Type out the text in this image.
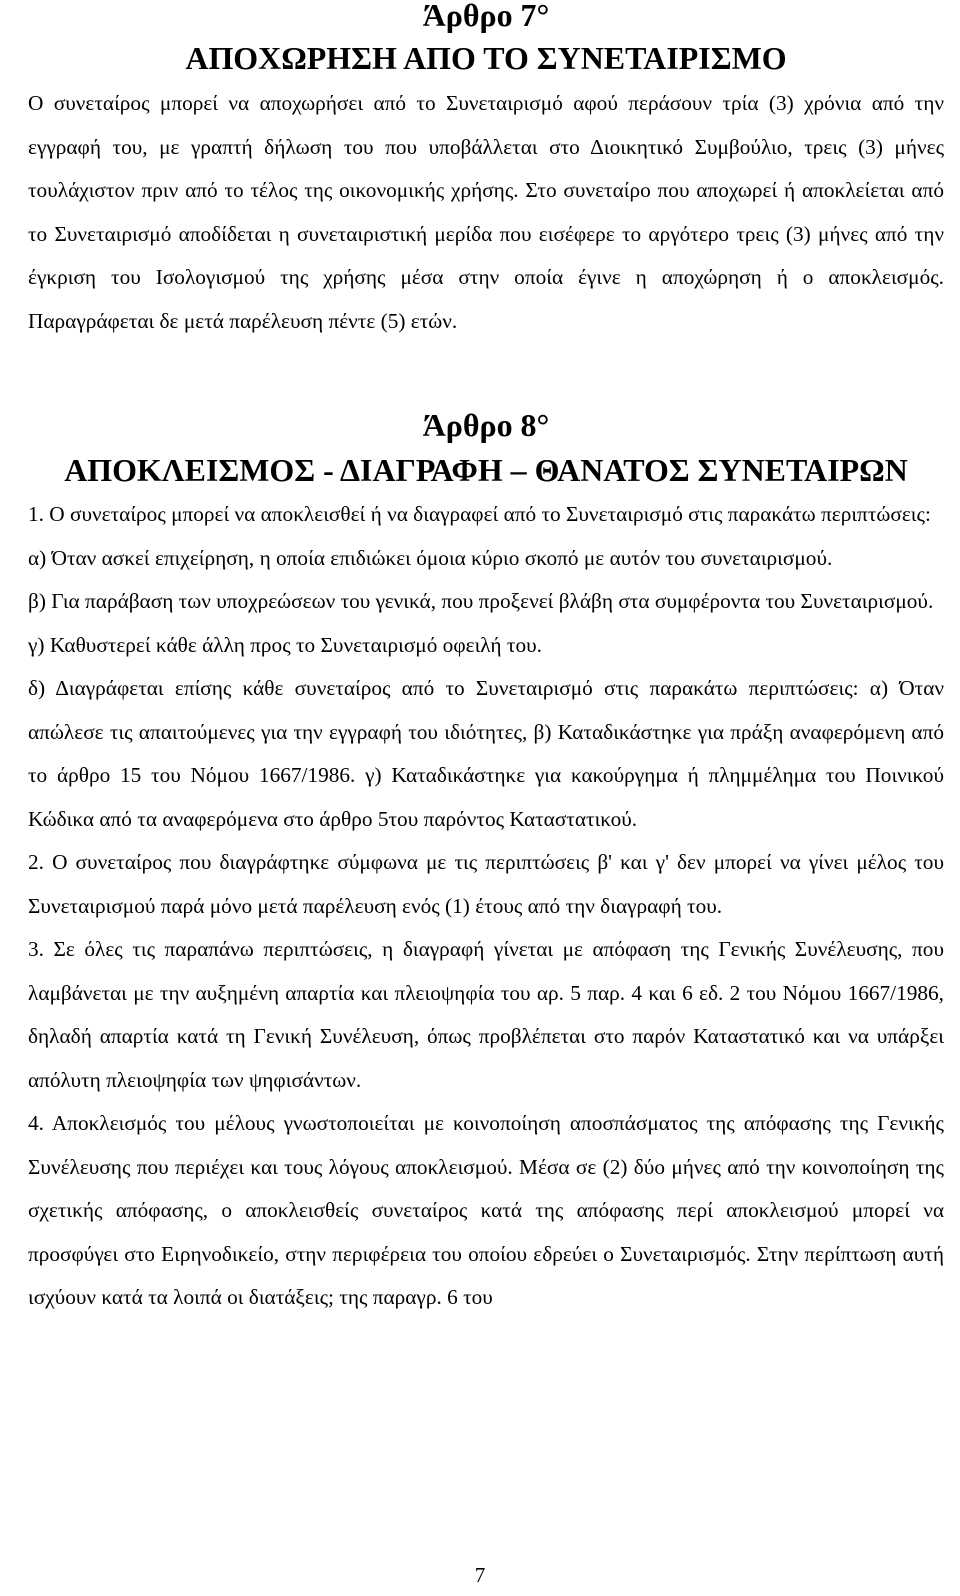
Άρθρο 7°
ΑΠΟΧΩΡΗΣΗ ΑΠΟ ΤΟ ΣΥΝΕΤΑΙΡΙΣΜΟ

Ο συνεταίρος μπορεί να αποχωρήσει από το Συνεταιρισμό αφού περάσουν τρία (3) χρόνια από την εγγραφή του, με γραπτή δήλωση του που υποβάλλεται στο Διοικητικό Συμβούλιο, τρεις (3) μήνες τουλάχιστον πριν από το τέλος της οικονομικής χρήσης. Στο συνεταίρο που αποχωρεί ή αποκλείεται από το Συνεταιρισμό αποδίδεται η συνεταιριστική μερίδα που εισέφερε το αργότερο τρεις (3) μήνες από την έγκριση του Ισολογισμού της χρήσης μέσα στην οποία έγινε η αποχώρηση ή ο αποκλεισμός. Παραγράφεται δε μετά παρέλευση πέντε (5) ετών.

Άρθρο 8°
ΑΠΟΚΛΕΙΣΜΟΣ - ΔΙΑΓΡΑΦΗ – ΘΑΝΑΤΟΣ ΣΥΝΕΤΑΙΡΩΝ

1. Ο συνεταίρος μπορεί να αποκλεισθεί ή να διαγραφεί από το Συνεταιρισμό στις παρακάτω περιπτώσεις:

α) Όταν ασκεί επιχείρηση, η οποία επιδιώκει όμοια κύριο σκοπό με αυτόν του συνεταιρισμού.

β) Για παράβαση των υποχρεώσεων του γενικά, που προξενεί βλάβη στα συμφέροντα του Συνεταιρισμού.

γ) Καθυστερεί κάθε άλλη προς το Συνεταιρισμό οφειλή του.

δ) Διαγράφεται επίσης κάθε συνεταίρος από το Συνεταιρισμό στις παρακάτω περιπτώσεις: α) Όταν απώλεσε τις απαιτούμενες για την εγγραφή του ιδιότητες, β) Καταδικάστηκε για πράξη αναφερόμενη από το άρθρο 15 του Νόμου 1667/1986. γ) Καταδικάστηκε για κακούργημα ή πλημμέλημα του Ποινικού Κώδικα από τα αναφερόμενα στο άρθρο 5του παρόντος Καταστατικού.

2. Ο συνεταίρος που διαγράφτηκε σύμφωνα με τις περιπτώσεις β' και γ' δεν μπορεί να γίνει μέλος του Συνεταιρισμού παρά μόνο μετά παρέλευση ενός (1) έτους από την διαγραφή του.

3. Σε όλες τις παραπάνω περιπτώσεις, η διαγραφή γίνεται με απόφαση της Γενικής Συνέλευσης, που λαμβάνεται με την αυξημένη απαρτία και πλειοψηφία του αρ. 5 παρ. 4 και 6 εδ. 2 του Νόμου 1667/1986, δηλαδή απαρτία κατά τη Γενική Συνέλευση, όπως προβλέπεται στο παρόν Καταστατικό και να υπάρξει απόλυτη πλειοψηφία των ψηφισάντων.

4. Αποκλεισμός του μέλους γνωστοποιείται με κοινοποίηση αποσπάσματος της απόφασης της Γενικής Συνέλευσης που περιέχει και τους λόγους αποκλεισμού. Μέσα σε (2) δύο μήνες από την κοινοποίηση της σχετικής απόφασης, ο αποκλεισθείς συνεταίρος κατά της απόφασης περί αποκλεισμού μπορεί να προσφύγει στο Ειρηνοδικείο, στην περιφέρεια του οποίου εδρεύει ο Συνεταιρισμός. Στην περίπτωση αυτή ισχύουν κατά τα λοιπά οι διατάξεις; της παραγρ. 6 του

7
